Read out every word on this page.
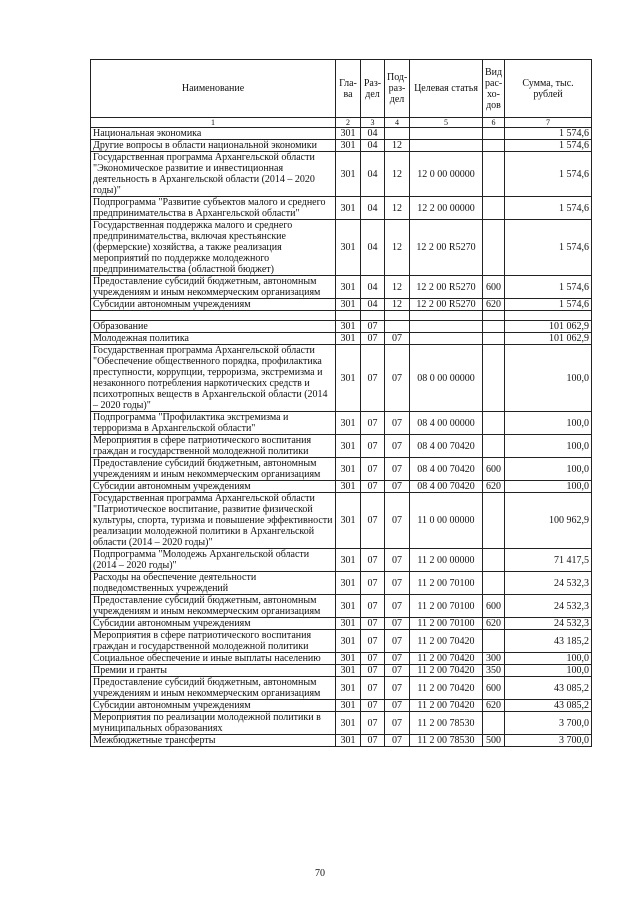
Наименование	Гла-ва	Раз-дел	Под-раз-дел	Целевая статья	Вид рас-хо-дов	Сумма, тыс. рублей
1	2	3	4	5	6	7
Национальная экономика	301	04				1 574,6
Другие вопросы в области национальной экономики	301	04	12			1 574,6
Государственная программа Архангельской области "Экономическое развитие и инвестиционная деятельность в Архангельской области (2014 – 2020 годы)"	301	04	12	12 0 00 00000		1 574,6
Подпрограмма "Развитие субъектов малого и среднего предпринимательства в Архангельской области"	301	04	12	12 2 00 00000		1 574,6
Государственная поддержка малого и среднего предпринимательства, включая крестьянские (фермерские) хозяйства, а также реализация мероприятий по поддержке молодежного предпринимательства (областной бюджет)	301	04	12	12 2 00 R5270		1 574,6
Предоставление субсидий бюджетным, автономным учреждениям и иным некоммерческим организациям	301	04	12	12 2 00 R5270	600	1 574,6
Субсидии автономным учреждениям	301	04	12	12 2 00 R5270	620	1 574,6

Образование	301	07				101 062,9
Молодежная политика	301	07	07			101 062,9
Государственная программа Архангельской области "Обеспечение общественного порядка, профилактика преступности, коррупции, терроризма, экстремизма и незаконного потребления наркотических средств и психотропных веществ в Архангельской области (2014 – 2020 годы)"	301	07	07	08 0 00 00000		100,0
Подпрограмма "Профилактика экстремизма и терроризма в Архангельской области"	301	07	07	08 4 00 00000		100,0
Мероприятия в сфере патриотического воспитания граждан и государственной молодежной политики	301	07	07	08 4 00 70420		100,0
Предоставление субсидий бюджетным, автономным учреждениям и иным некоммерческим организациям	301	07	07	08 4 00 70420	600	100,0
Субсидии автономным учреждениям	301	07	07	08 4 00 70420	620	100,0
Государственная программа Архангельской области "Патриотическое воспитание, развитие физической культуры, спорта, туризма и повышение эффективности реализации молодежной политики в Архангельской области (2014 – 2020 годы)"	301	07	07	11 0 00 00000		100 962,9
Подпрограмма "Молодежь Архангельской области (2014 – 2020 годы)"	301	07	07	11 2 00 00000		71 417,5
Расходы на обеспечение деятельности подведомственных учреждений	301	07	07	11 2 00 70100		24 532,3
Предоставление субсидий бюджетным, автономным учреждениям и иным некоммерческим организациям	301	07	07	11 2 00 70100	600	24 532,3
Субсидии автономным учреждениям	301	07	07	11 2 00 70100	620	24 532,3
Мероприятия в сфере патриотического воспитания граждан и государственной молодежной политики	301	07	07	11 2 00 70420		43 185,2
Социальное обеспечение и иные выплаты населению	301	07	07	11 2 00 70420	300	100,0
Премии и гранты	301	07	07	11 2 00 70420	350	100,0
Предоставление субсидий бюджетным, автономным учреждениям и иным некоммерческим организациям	301	07	07	11 2 00 70420	600	43 085,2
Субсидии автономным учреждениям	301	07	07	11 2 00 70420	620	43 085,2
Мероприятия по реализации молодежной политики в муниципальных образованиях	301	07	07	11 2 00 78530		3 700,0
Межбюджетные трансферты	301	07	07	11 2 00 78530	500	3 700,0
70
